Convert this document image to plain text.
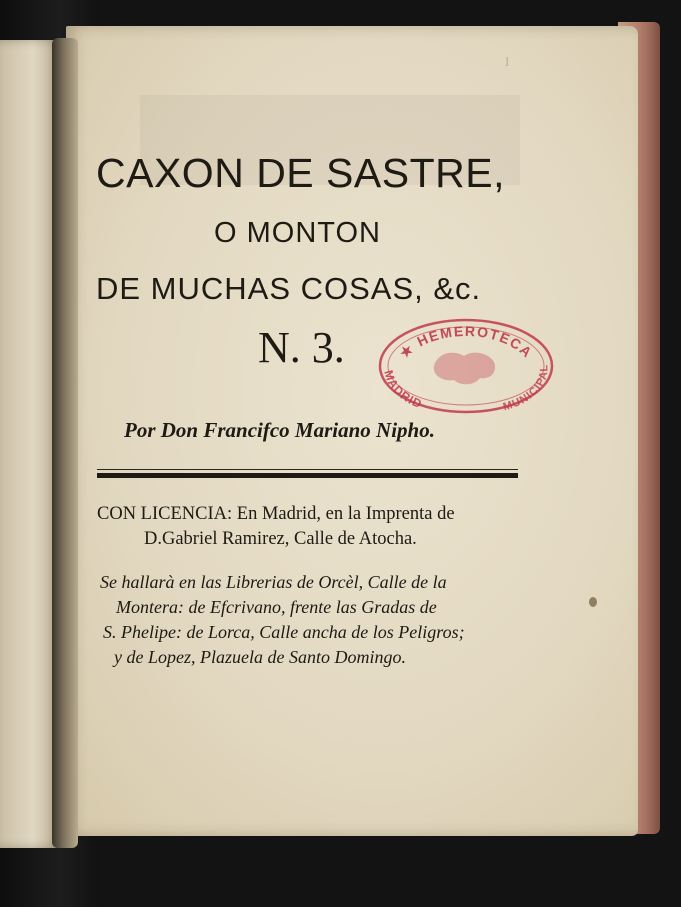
I
CAXON DE SASTRE,
O MONTON
DE MUCHAS COSAS, &c.
N. 3.
Por Don Francifco Mariano Nipho.
CON LICENCIA: En Madrid, en la Imprenta de
D.Gabriel Ramirez, Calle de Atocha.
Se hallarà en las Librerias de Orcèl, Calle de la
Montera: de Efcrivano, frente las Gradas de
S. Phelipe: de Lorca, Calle ancha de los Peligros;
y de Lopez, Plazuela de Santo Domingo.
★ HEMEROTECA
MADRID	MUNICIPAL
